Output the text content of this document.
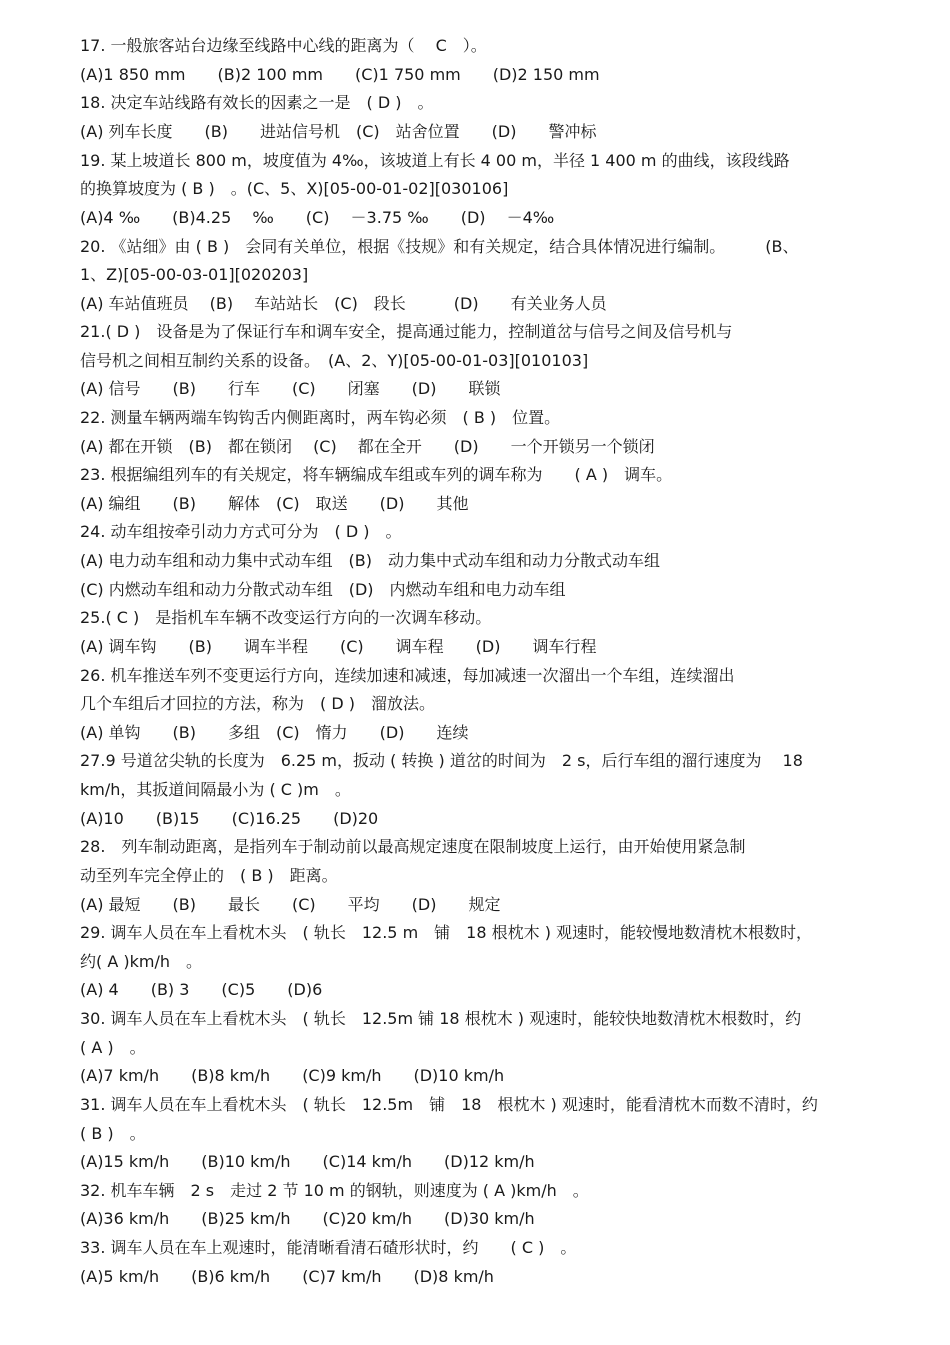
17. 一般旅客站台边缘至线路中心线的距离为（　 C　）。
(A)1 850 mm　　(B)2 100 mm　　(C)1 750 mm　　(D)2 150 mm
18. 决定车站线路有效长的因素之一是　( D )　。
(A) 列车长度　　(B)　　进站信号机　(C)　站舍位置　　(D)　　警冲标
19. 某上坡道长 800 m，坡度值为 4‰，该坡道上有长 4 00 m，半径 1 400 m 的曲线，该段线路
的换算坡度为 ( B )　。(C、5、X)[05-00-01-02][030106]
(A)4 ‰　　(B)4.25　 ‰　　(C)　 －3.75 ‰　　(D)　 －4‰
20. 《站细》由 ( B )　会同有关单位，根据《技规》和有关规定，结合具体情况进行编制。　　　(B、
1、Z)[05-00-03-01][020203]
(A) 车站值班员　 (B)　 车站站长　(C)　段长　　　(D)　　有关业务人员
21.( D )　设备是为了保证行车和调车安全，提高通过能力，控制道岔与信号之间及信号机与
信号机之间相互制约关系的设备。　(A、2、Y)[05-00-01-03][010103]
(A) 信号　　(B)　　行车　　(C)　　闭塞　　(D)　　联锁
22. 测量车辆两端车钩钩舌内侧距离时，两车钩必须　( B )　位置。
(A) 都在开锁　(B)　都在锁闭　 (C)　 都在全开　　(D)　　一个开锁另一个锁闭
23. 根据编组列车的有关规定，将车辆编成车组或车列的调车称为　　( A )　调车。
(A) 编组　　(B)　　解体　(C)　取送　　(D)　　其他
24. 动车组按牵引动力方式可分为　( D )　。
(A) 电力动车组和动力集中式动车组　(B)　动力集中式动车组和动力分散式动车组
(C) 内燃动车组和动力分散式动车组　(D)　内燃动车组和电力动车组
25.( C )　是指机车车辆不改变运行方向的一次调车移动。
(A) 调车钩　　(B)　　调车半程　　(C)　　调车程　　(D)　　调车行程
26. 机车推送车列不变更运行方向，连续加速和减速，每加减速一次溜出一个车组，连续溜出
几个车组后才回拉的方法，称为　( D )　溜放法。
(A) 单钩　　(B)　　多组　(C)　惰力　　(D)　　连续
27.9 号道岔尖轨的长度为　6.25 m，扳动 ( 转换 ) 道岔的时间为　2 s，后行车组的溜行速度为　 18
km/h，其扳道间隔最小为 ( C )m　。
(A)10　　(B)15　　(C)16.25　　(D)20
28.　列车制动距离，是指列车于制动前以最高规定速度在限制坡度上运行，由开始使用紧急制
动至列车完全停止的　( B )　距离。
(A) 最短　　(B)　　最长　　(C)　　平均　　(D)　　规定
29. 调车人员在车上看枕木头　( 轨长　12.5 m　铺　18 根枕木 ) 观速时，能较慢地数清枕木根数时，
约( A )km/h　。
(A) 4　　(B) 3　　(C)5　　(D)6
30. 调车人员在车上看枕木头　( 轨长　12.5m 铺 18 根枕木 ) 观速时，能较快地数清枕木根数时，约
( A )　。
(A)7 km/h　　(B)8 km/h　　(C)9 km/h　　(D)10 km/h
31. 调车人员在车上看枕木头　( 轨长　12.5m　铺　18　根枕木 ) 观速时，能看清枕木而数不清时，约
( B )　。
(A)15 km/h　　(B)10 km/h　　(C)14 km/h　　(D)12 km/h
32. 机车车辆　2 s　走过 2 节 10 m 的钢轨，则速度为 ( A )km/h　。
(A)36 km/h　　(B)25 km/h　　(C)20 km/h　　(D)30 km/h
33. 调车人员在车上观速时，能清晰看清石碴形状时，约　　( C )　。
(A)5 km/h　　(B)6 km/h　　(C)7 km/h　　(D)8 km/h
